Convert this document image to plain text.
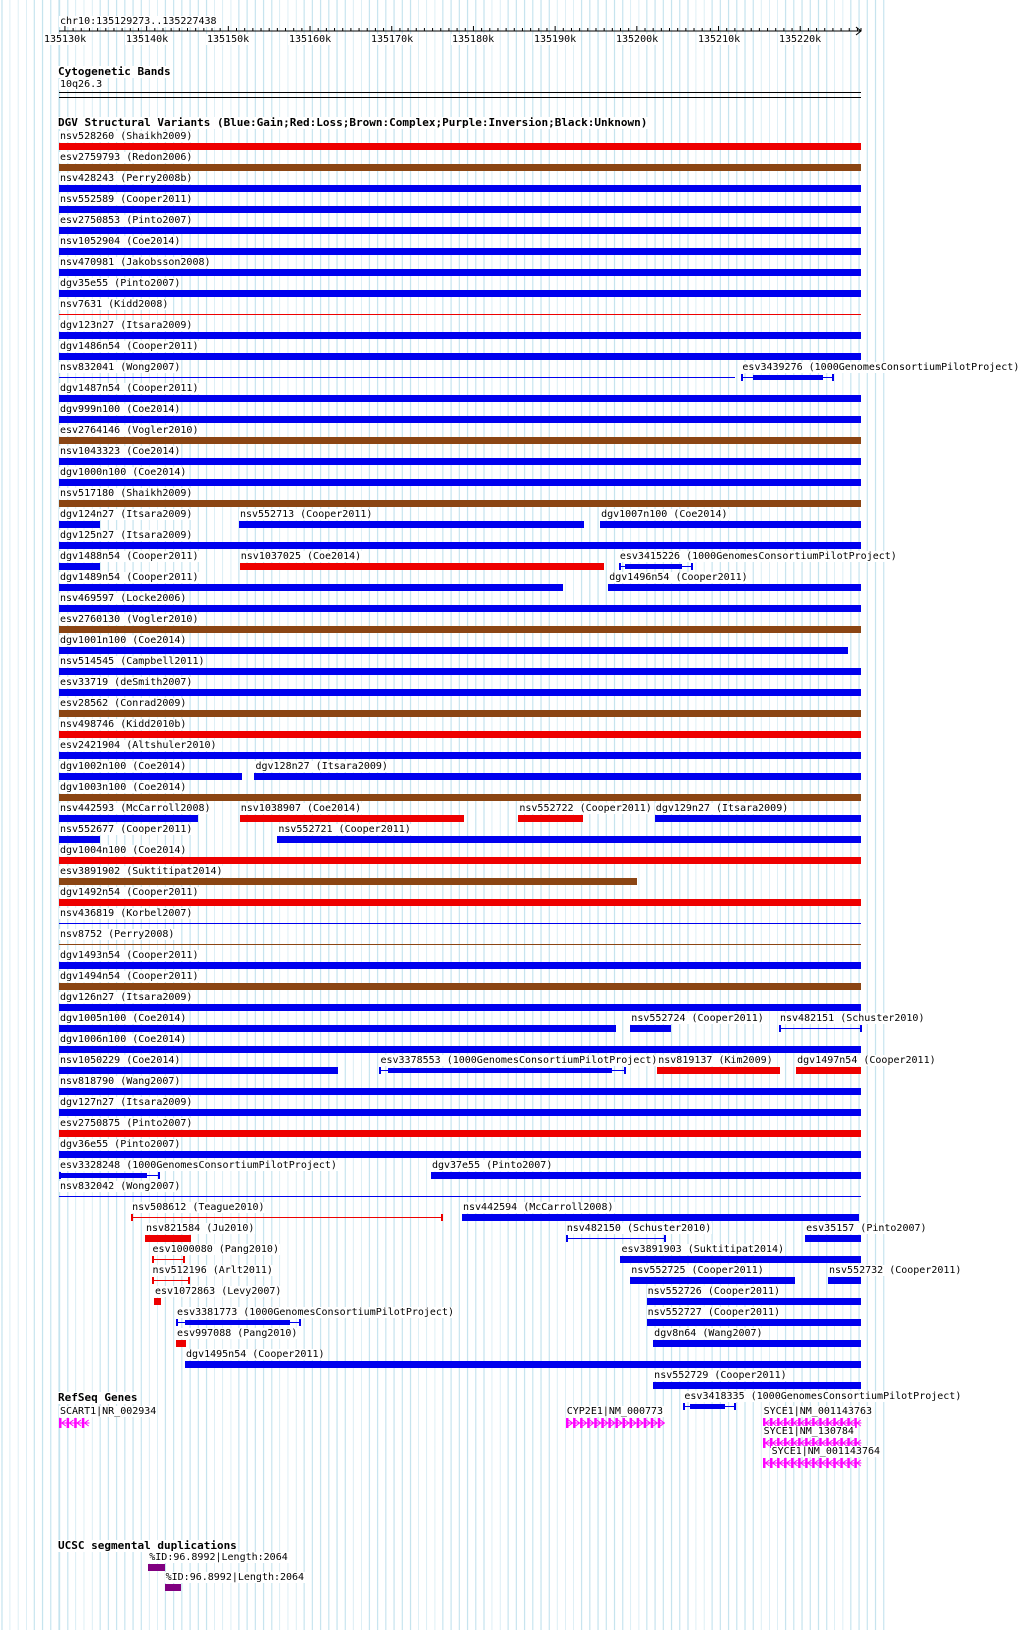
chr10:135129273..135227438
135130k	135140k	135150k	135160k	135170k	135180k	135190k	135200k	135210k	135220k
Cytogenetic Bands
10q26.3
DGV Structural Variants (Blue:Gain;Red:Loss;Brown:Complex;Purple:Inversion;Black:Unknown)
nsv528260 (Shaikh2009)
esv2759793 (Redon2006)
nsv428243 (Perry2008b)
nsv552589 (Cooper2011)
esv2750853 (Pinto2007)
nsv1052904 (Coe2014)
nsv470981 (Jakobsson2008)
dgv35e55 (Pinto2007)
nsv7631 (Kidd2008)
dgv123n27 (Itsara2009)
dgv1486n54 (Cooper2011)
nsv832041 (Wong2007)	esv3439276 (1000GenomesConsortiumPilotProject)
dgv1487n54 (Cooper2011)
dgv999n100 (Coe2014)
esv2764146 (Vogler2010)
nsv1043323 (Coe2014)
dgv1000n100 (Coe2014)
nsv517180 (Shaikh2009)
dgv124n27 (Itsara2009)	nsv552713 (Cooper2011)	dgv1007n100 (Coe2014)
dgv125n27 (Itsara2009)
dgv1488n54 (Cooper2011)	nsv1037025 (Coe2014)	esv3415226 (1000GenomesConsortiumPilotProject)
dgv1489n54 (Cooper2011)	dgv1496n54 (Cooper2011)
nsv469597 (Locke2006)
esv2760130 (Vogler2010)
dgv1001n100 (Coe2014)
nsv514545 (Campbell2011)
esv33719 (deSmith2007)
esv28562 (Conrad2009)
nsv498746 (Kidd2010b)
esv2421904 (Altshuler2010)
dgv1002n100 (Coe2014)	dgv128n27 (Itsara2009)
dgv1003n100 (Coe2014)
nsv442593 (McCarroll2008)	nsv1038907 (Coe2014)	nsv552722 (Cooper2011) dgv129n27 (Itsara2009)
nsv552677 (Cooper2011)	nsv552721 (Cooper2011)
dgv1004n100 (Coe2014)
esv3891902 (Suktitipat2014)
dgv1492n54 (Cooper2011)
nsv436819 (Korbel2007)
nsv8752 (Perry2008)
dgv1493n54 (Cooper2011)
dgv1494n54 (Cooper2011)
dgv126n27 (Itsara2009)
dgv1005n100 (Coe2014)	nsv552724 (Cooper2011) nsv482151 (Schuster2010)
dgv1006n100 (Coe2014)
nsv1050229 (Coe2014)	esv3378553 (1000GenomesConsortiumPilotProject) nsv819137 (Kim2009) dgv1497n54 (Cooper2011)
nsv818790 (Wang2007)
dgv127n27 (Itsara2009)
esv2750875 (Pinto2007)
dgv36e55 (Pinto2007)
esv3328248 (1000GenomesConsortiumPilotProject)	dgv37e55 (Pinto2007)
nsv832042 (Wong2007)
nsv508612 (Teague2010)	nsv442594 (McCarroll2008)
nsv821584 (Ju2010)	nsv482150 (Schuster2010)	esv35157 (Pinto2007)
esv1000080 (Pang2010)	esv3891903 (Suktitipat2014)
nsv512196 (Arlt2011)	nsv552725 (Cooper2011)	nsv552732 (Cooper2011)
esv1072863 (Levy2007)	nsv552726 (Cooper2011)
esv3381773 (1000GenomesConsortiumPilotProject)	nsv552727 (Cooper2011)
esv997088 (Pang2010)	dgv8n64 (Wang2007)
dgv1495n54 (Cooper2011)
nsv552729 (Cooper2011)
esv3418335 (1000GenomesConsortiumPilotProject)
RefSeq Genes
SCART1|NR_002934	CYP2E1|NM_000773	SYCE1|NM_001143763
SYCE1|NM_130784
SYCE1|NM_001143764
UCSC segmental duplications
%ID:96.8992|Length:2064
%ID:96.8992|Length:2064
